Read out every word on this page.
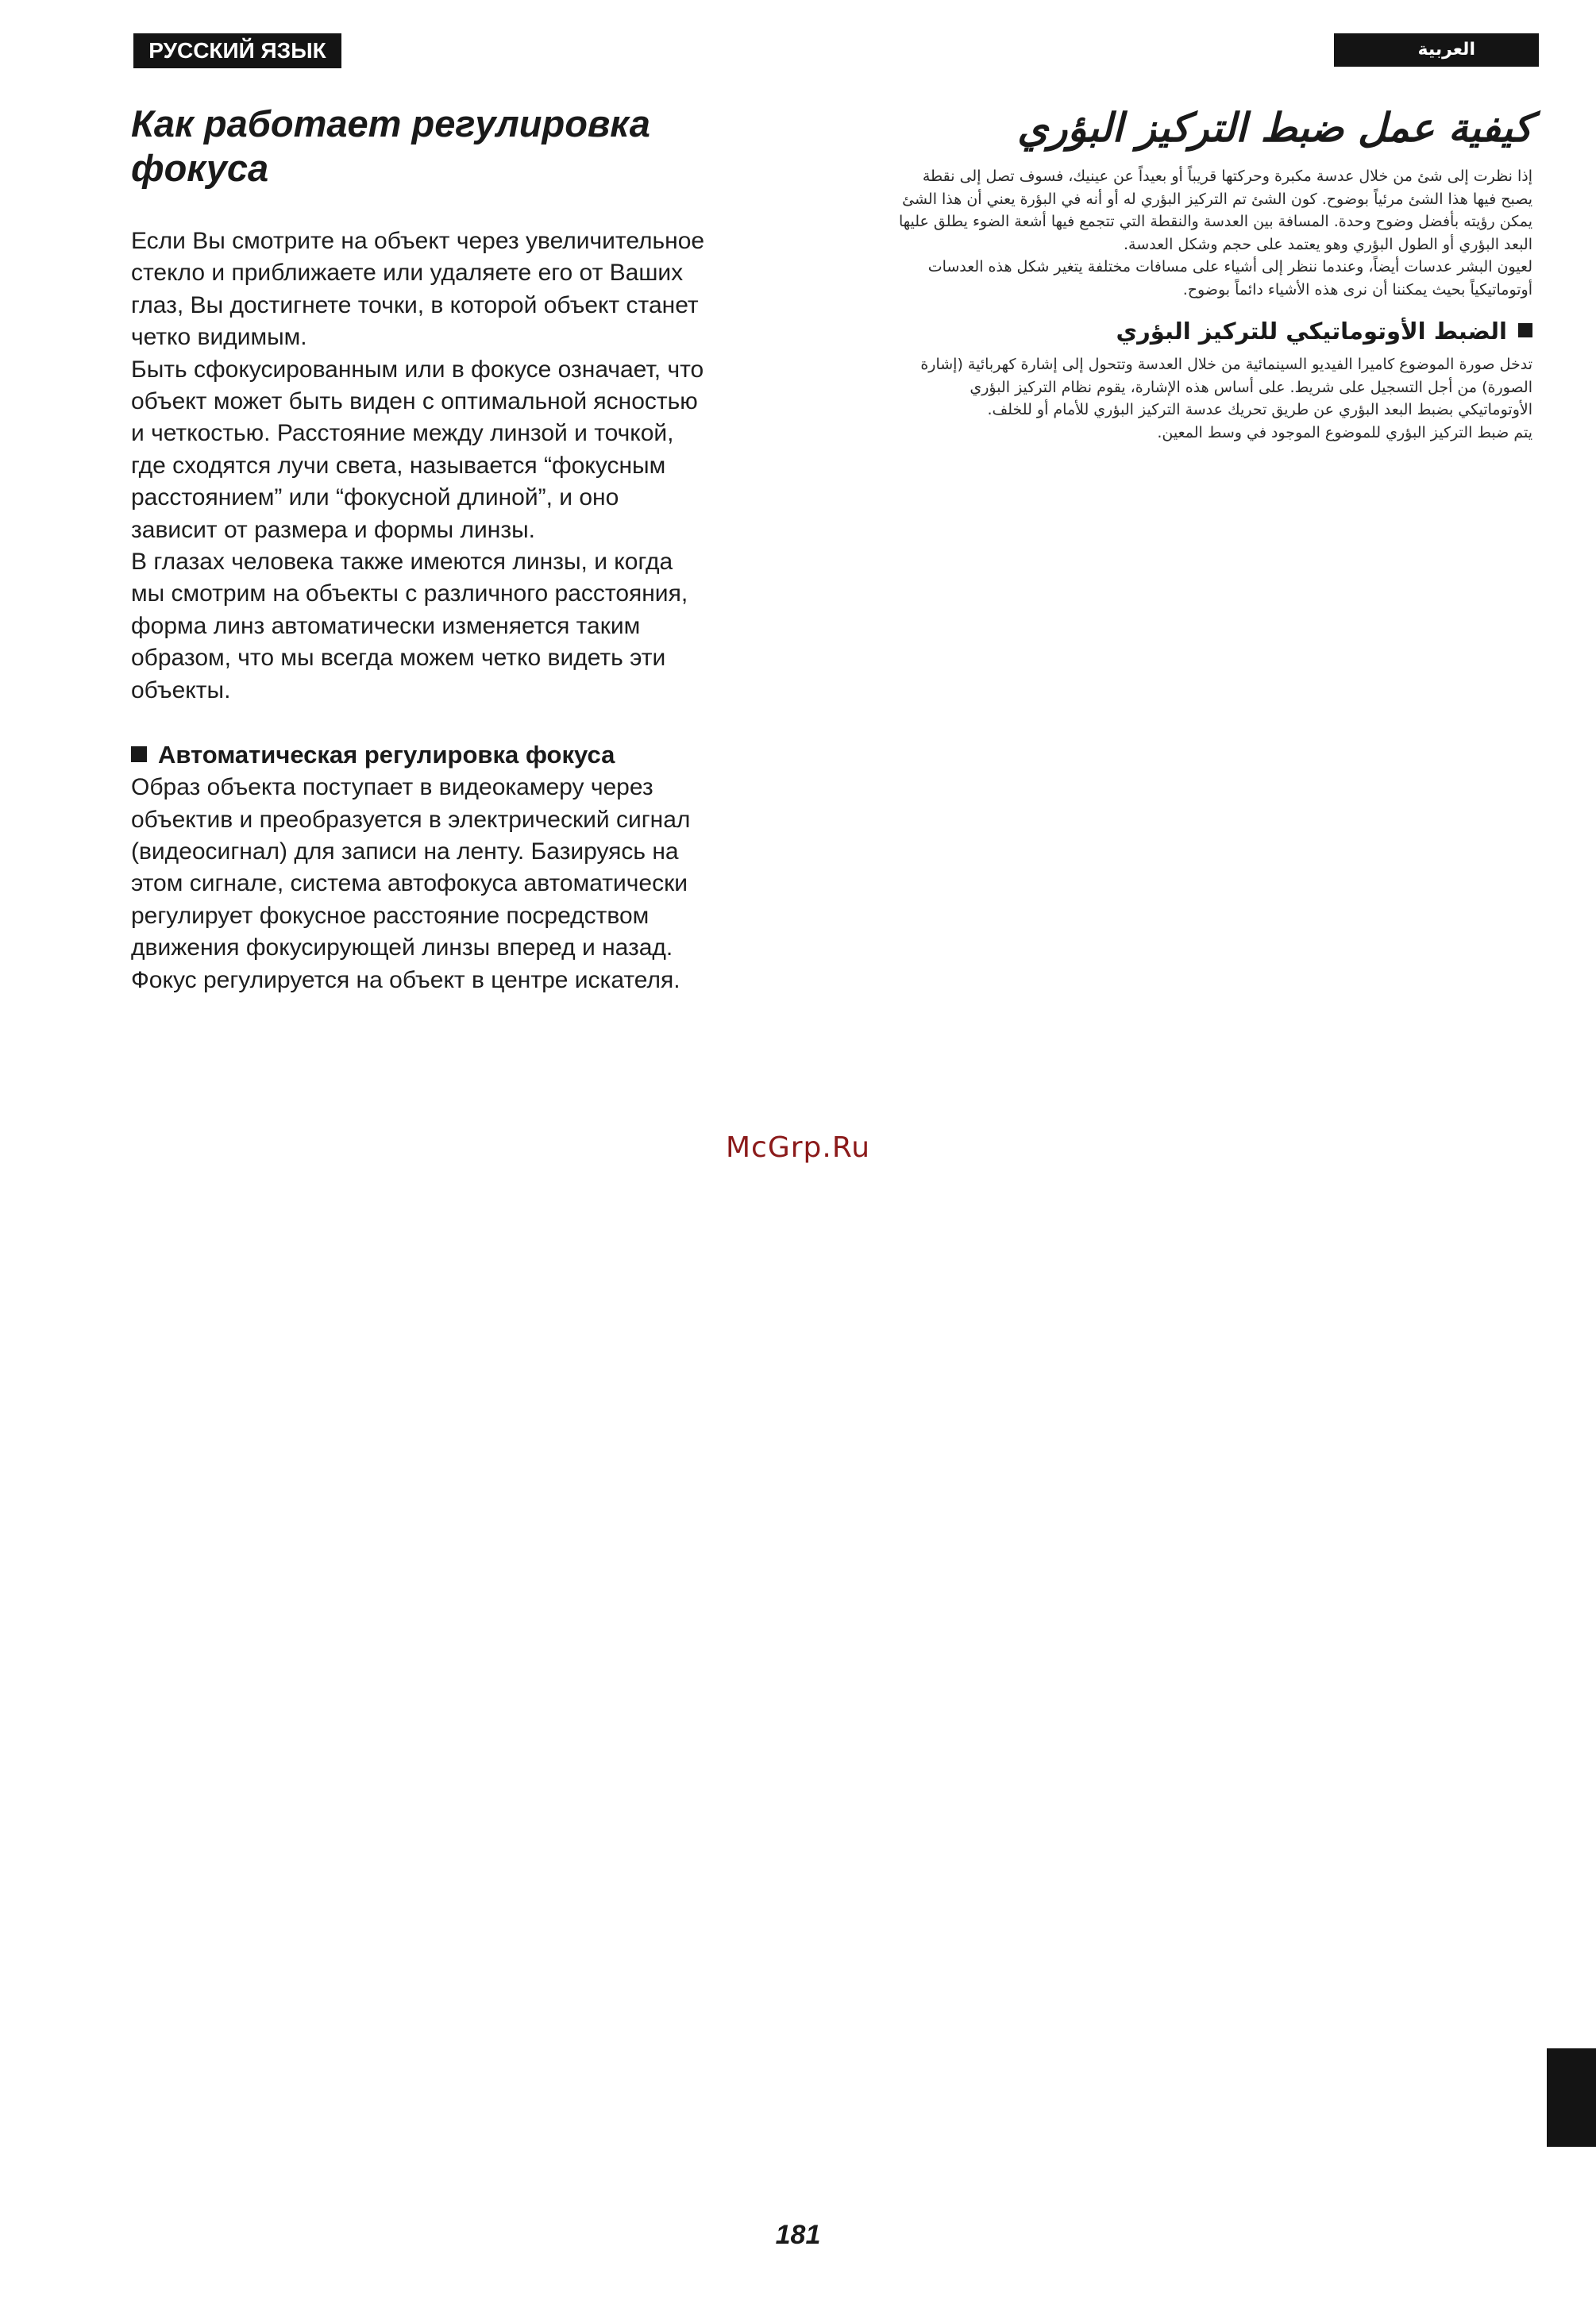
РУССКИЙ ЯЗЫК	العربية
Как работает регулировка
фокуса

Если Вы смотрите на объект через увеличительное
стекло и приближаете или удаляете его от Ваших
глаз, Вы достигнете точки, в которой объект станет
четко видимым.
Быть сфокусированным или в фокусе означает, что
объект может быть виден с оптимальной ясностью
и четкостью. Расстояние между линзой и точкой,
где сходятся лучи света, называется “фокусным
расстоянием” или “фокусной длиной”, и оно
зависит от размера и формы линзы.
В глазах человека также имеются линзы, и когда
мы смотрим на объекты с различного расстояния,
форма линз автоматически изменяется таким
образом, что мы всегда можем четко видеть эти
объекты.

Автоматическая регулировка фокуса

Образ объекта поступает в видеокамеру через
объектив и преобразуется в электрический сигнал
(видеосигнал) для записи на ленту. Базируясь на
этом сигнале, система автофокуса автоматически
регулирует фокусное расстояние посредством
движения фокусирующей линзы вперед и назад.
Фокус регулируется на объект в центре искателя.

كيفية عمل ضبط التركيز البؤري

إذا نظرت إلى شئ من خلال عدسة مكبرة وحركتها قريباً أو بعيداً عن عينيك، فسوف تصل إلى نقطة يصبح فيها هذا الشئ مرئياً بوضوح. كون الشئ تم التركيز البؤري له أو أنه في البؤرة يعني أن هذا الشئ يمكن رؤيته بأفضل وضوح وحدة. المسافة بين العدسة والنقطة التي تتجمع فيها أشعة الضوء يطلق عليها البعد البؤري أو الطول البؤري وهو يعتمد على حجم وشكل العدسة.

لعيون البشر عدسات أيضاً، وعندما ننظر إلى أشياء على مسافات مختلفة يتغير شكل هذه العدسات أوتوماتيكياً بحيث يمكننا أن نرى هذه الأشياء دائماً بوضوح.

الضبط الأوتوماتيكي للتركيز البؤري

تدخل صورة الموضوع كاميرا الفيديو السينمائية من خلال العدسة وتتحول إلى إشارة كهربائية (إشارة الصورة) من أجل التسجيل على شريط. على أساس هذه الإشارة، يقوم نظام التركيز البؤري الأوتوماتيكي بضبط البعد البؤري عن طريق تحريك عدسة التركيز البؤري للأمام أو للخلف.

يتم ضبط التركيز البؤري للموضوع الموجود في وسط المعين.

McGrp.Ru
181
